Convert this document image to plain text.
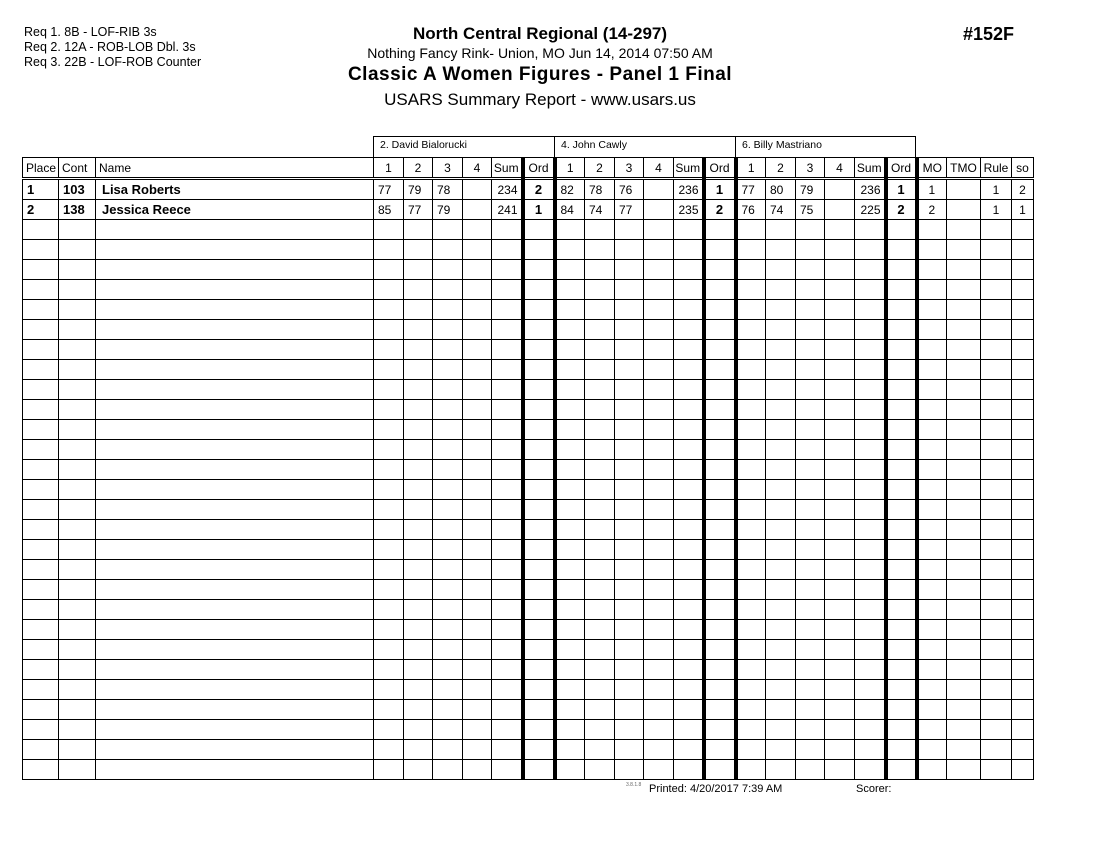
Req 1. 8B - LOF-RIB 3s
Req 2. 12A - ROB-LOB Dbl. 3s
Req 3. 22B - LOF-ROB Counter
North Central Regional (14-297)
Nothing Fancy Rink- Union, MO Jun 14, 2014 07:50 AM
Classic A Women Figures - Panel 1 Final
USARS Summary Report - www.usars.us
#152F
2. David Bialorucki	4. John Cawly	6. Billy Mastriano
Place	Cont	Name	1	2	3	4	Sum	Ord	1	2	3	4	Sum	Ord	1	2	3	4	Sum	Ord	MO	TMO	Rule	so
1	103	Lisa Roberts	77	79	78		234	2	82	78	76		236	1	77	80	79		236	1	1		1	2
2	138	Jessica Reece	85	77	79		241	1	84	74	77		235	2	76	74	75		225	2	2		1	1

3.8.1.8 Printed: 4/20/2017 7:39 AM	Scorer:
